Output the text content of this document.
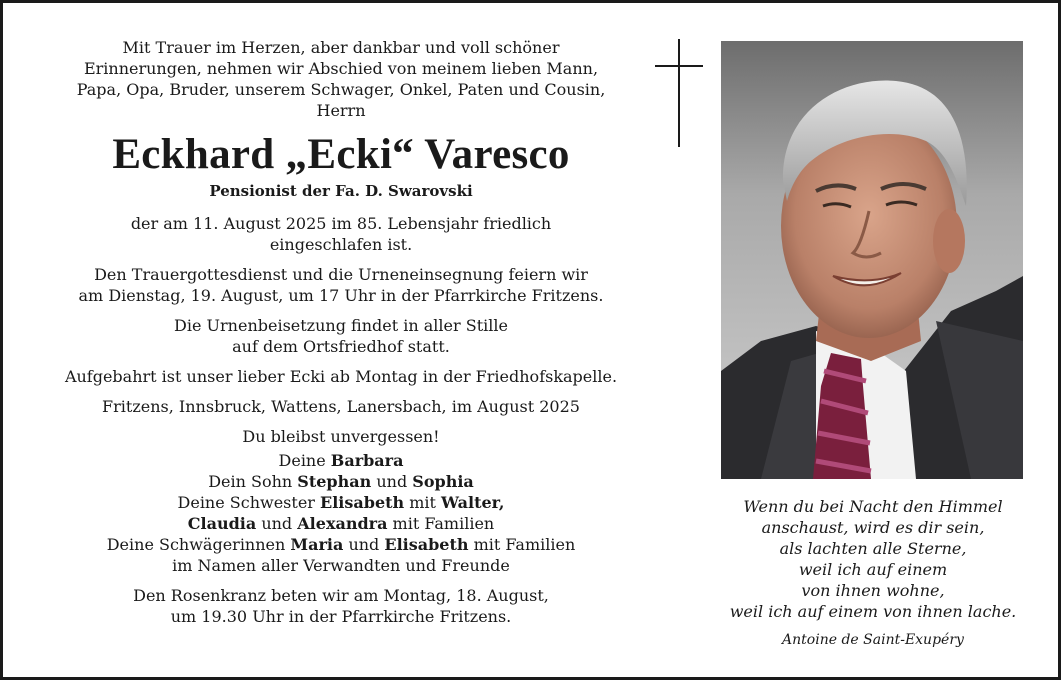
Mit Trauer im Herzen, aber dankbar und voll schöner
Erinnerungen, nehmen wir Abschied von meinem lieben Mann,
Papa, Opa, Bruder, unserem Schwager, Onkel, Paten und Cousin,
Herrn
Eckhard „Ecki“ Varesco
Pensionist der Fa. D. Swarovski
der am 11. August 2025 im 85. Lebensjahr friedlich
eingeschlafen ist.
Den Trauergottesdienst und die Urneneinsegnung feiern wir
am Dienstag, 19. August, um 17 Uhr in der Pfarrkirche Fritzens.
Die Urnenbeisetzung findet in aller Stille
auf dem Ortsfriedhof statt.
Aufgebahrt ist unser lieber Ecki ab Montag in der Friedhofskapelle.
Fritzens, Innsbruck, Wattens, Lanersbach, im August 2025
Du bleibst unvergessen!
Deine Barbara
Dein Sohn Stephan und Sophia
Deine Schwester Elisabeth mit Walter,
Claudia und Alexandra mit Familien
Deine Schwägerinnen Maria und Elisabeth mit Familien
im Namen aller Verwandten und Freunde
Den Rosenkranz beten wir am Montag, 18. August,
um 19.30 Uhr in der Pfarrkirche Fritzens.
Wenn du bei Nacht den Himmel
anschaust, wird es dir sein,
als lachten alle Sterne,
weil ich auf einem
von ihnen wohne,
weil ich auf einem von ihnen lache.
Antoine de Saint-Exupéry
